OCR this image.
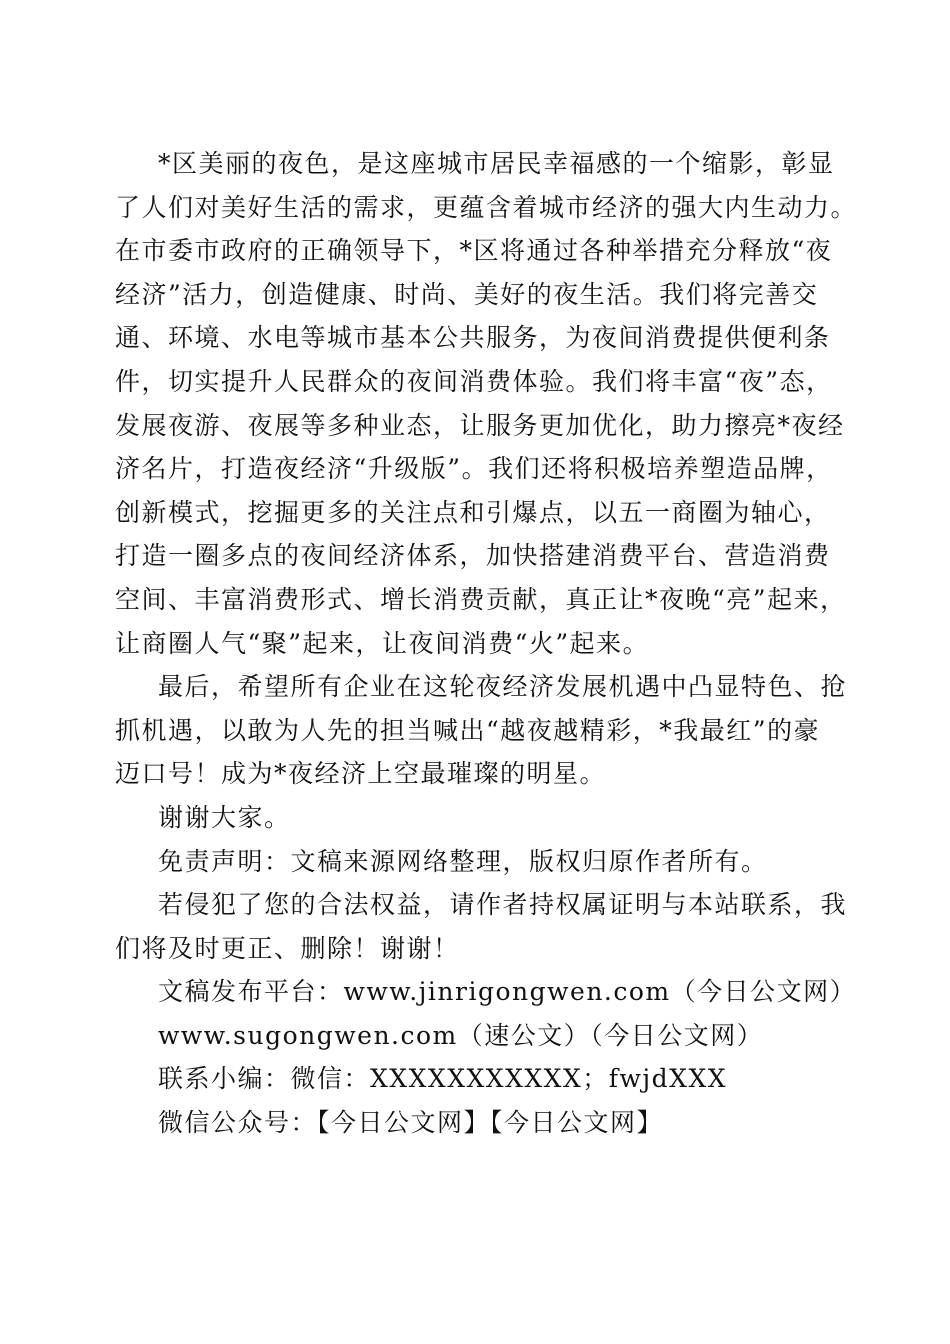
*区美丽的夜色，是这座城市居民幸福感的一个缩影，彰显
了人们对美好生活的需求，更蕴含着城市经济的强大内生动力。
在市委市政府的正确领导下，*区将通过各种举措充分释放“夜
经济”活力，创造健康、时尚、美好的夜生活。我们将完善交
通、环境、水电等城市基本公共服务，为夜间消费提供便利条
件，切实提升人民群众的夜间消费体验。我们将丰富“夜”态，
发展夜游、夜展等多种业态，让服务更加优化，助力擦亮*夜经
济名片，打造夜经济“升级版”。我们还将积极培养塑造品牌，
创新模式，挖掘更多的关注点和引爆点，以五一商圈为轴心，
打造一圈多点的夜间经济体系，加快搭建消费平台、营造消费
空间、丰富消费形式、增长消费贡献，真正让*夜晚“亮”起来，
让商圈人气“聚”起来，让夜间消费“火”起来。
最后，希望所有企业在这轮夜经济发展机遇中凸显特色、抢
抓机遇，以敢为人先的担当喊出“越夜越精彩，*我最红”的豪
迈口号！成为*夜经济上空最璀璨的明星。
谢谢大家。
免责声明：文稿来源网络整理，版权归原作者所有。
若侵犯了您的合法权益，请作者持权属证明与本站联系，我
们将及时更正、删除！谢谢！
文稿发布平台：www.jinrigongwen.com（今日公文网）
www.sugongwen.com（速公文）（今日公文网）
联系小编：微信：XXXXXXXXXXX；fwjdXXX
微信公众号：【今日公文网】【今日公文网】
